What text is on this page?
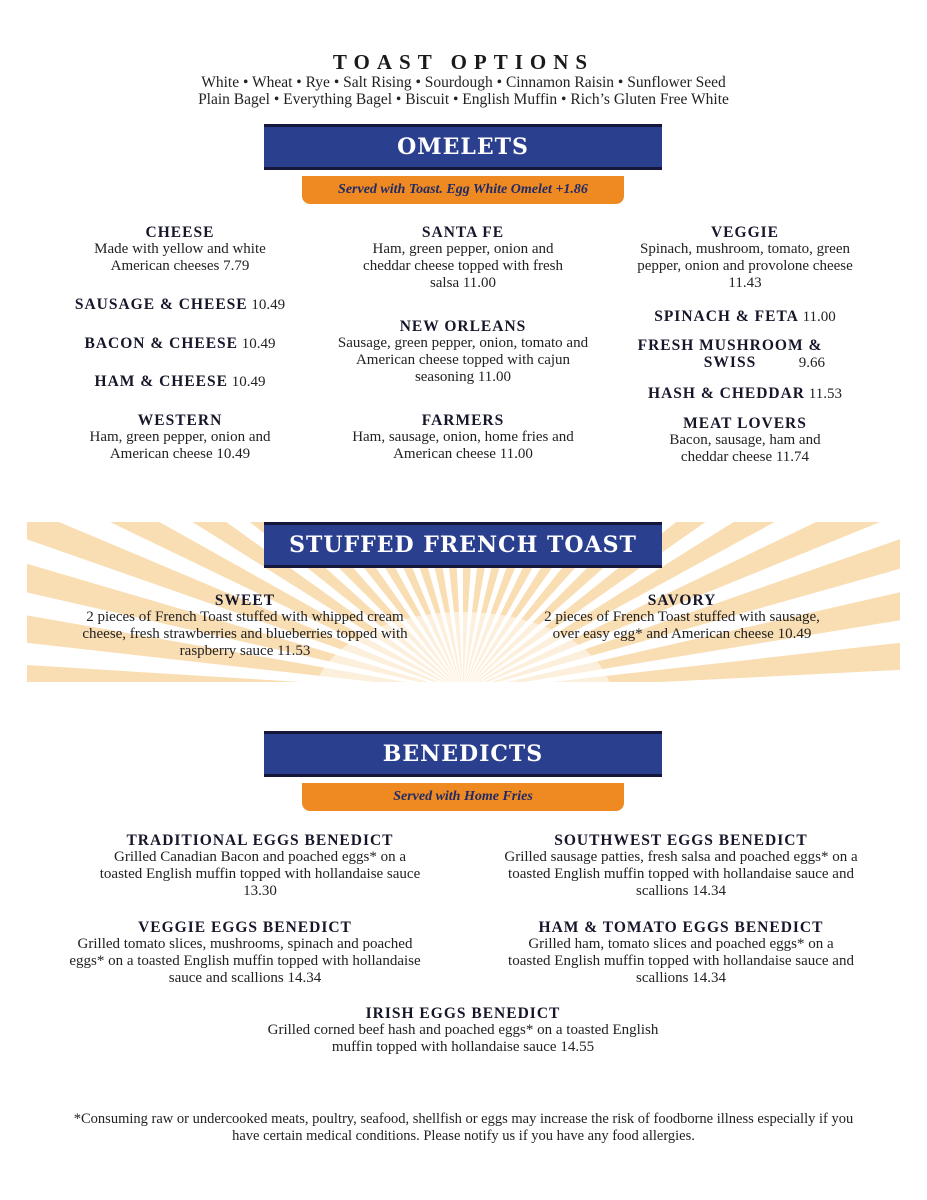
TOAST OPTIONS
White • Wheat • Rye • Salt Rising • Sourdough • Cinnamon Raisin • Sunflower Seed
Plain Bagel • Everything Bagel • Biscuit • English Muffin • Rich’s Gluten Free White
OMELETS
Served with Toast. Egg White Omelet +1.86
CHEESE
Made with yellow and white American cheeses 7.79
SAUSAGE & CHEESE 10.49
BACON & CHEESE 10.49
HAM & CHEESE 10.49
WESTERN
Ham, green pepper, onion and American cheese 10.49
SANTA FE
Ham, green pepper, onion and cheddar cheese topped with fresh salsa 11.00
NEW ORLEANS
Sausage, green pepper, onion, tomato and American cheese topped with cajun seasoning 11.00
FARMERS
Ham, sausage, onion, home fries and American cheese 11.00
VEGGIE
Spinach, mushroom, tomato, green pepper, onion and provolone cheese 11.43
SPINACH & FETA 11.00
FRESH MUSHROOM & SWISS	9.66
HASH & CHEDDAR 11.53
MEAT LOVERS
Bacon, sausage, ham and cheddar cheese 11.74
STUFFED FRENCH TOAST
SWEET
2 pieces of French Toast stuffed with whipped cream cheese, fresh strawberries and blueberries topped with raspberry sauce 11.53
SAVORY
2 pieces of French Toast stuffed with sausage, over easy egg* and American cheese 10.49
BENEDICTS
Served with Home Fries
TRADITIONAL EGGS BENEDICT
Grilled Canadian Bacon and poached eggs* on a toasted English muffin topped with hollandaise sauce 13.30
SOUTHWEST EGGS BENEDICT
Grilled sausage patties, fresh salsa and poached eggs* on a toasted English muffin topped with hollandaise sauce and scallions 14.34
VEGGIE EGGS BENEDICT
Grilled tomato slices, mushrooms, spinach and poached eggs* on a toasted English muffin topped with hollandaise sauce and scallions 14.34
HAM & TOMATO EGGS BENEDICT
Grilled ham, tomato slices and poached eggs* on a toasted English muffin topped with hollandaise sauce and scallions 14.34
IRISH EGGS BENEDICT
Grilled corned beef hash and poached eggs* on a toasted English muffin topped with hollandaise sauce 14.55
*Consuming raw or undercooked meats, poultry, seafood, shellfish or eggs may increase the risk of foodborne illness especially if you have certain medical conditions. Please notify us if you have any food allergies.
